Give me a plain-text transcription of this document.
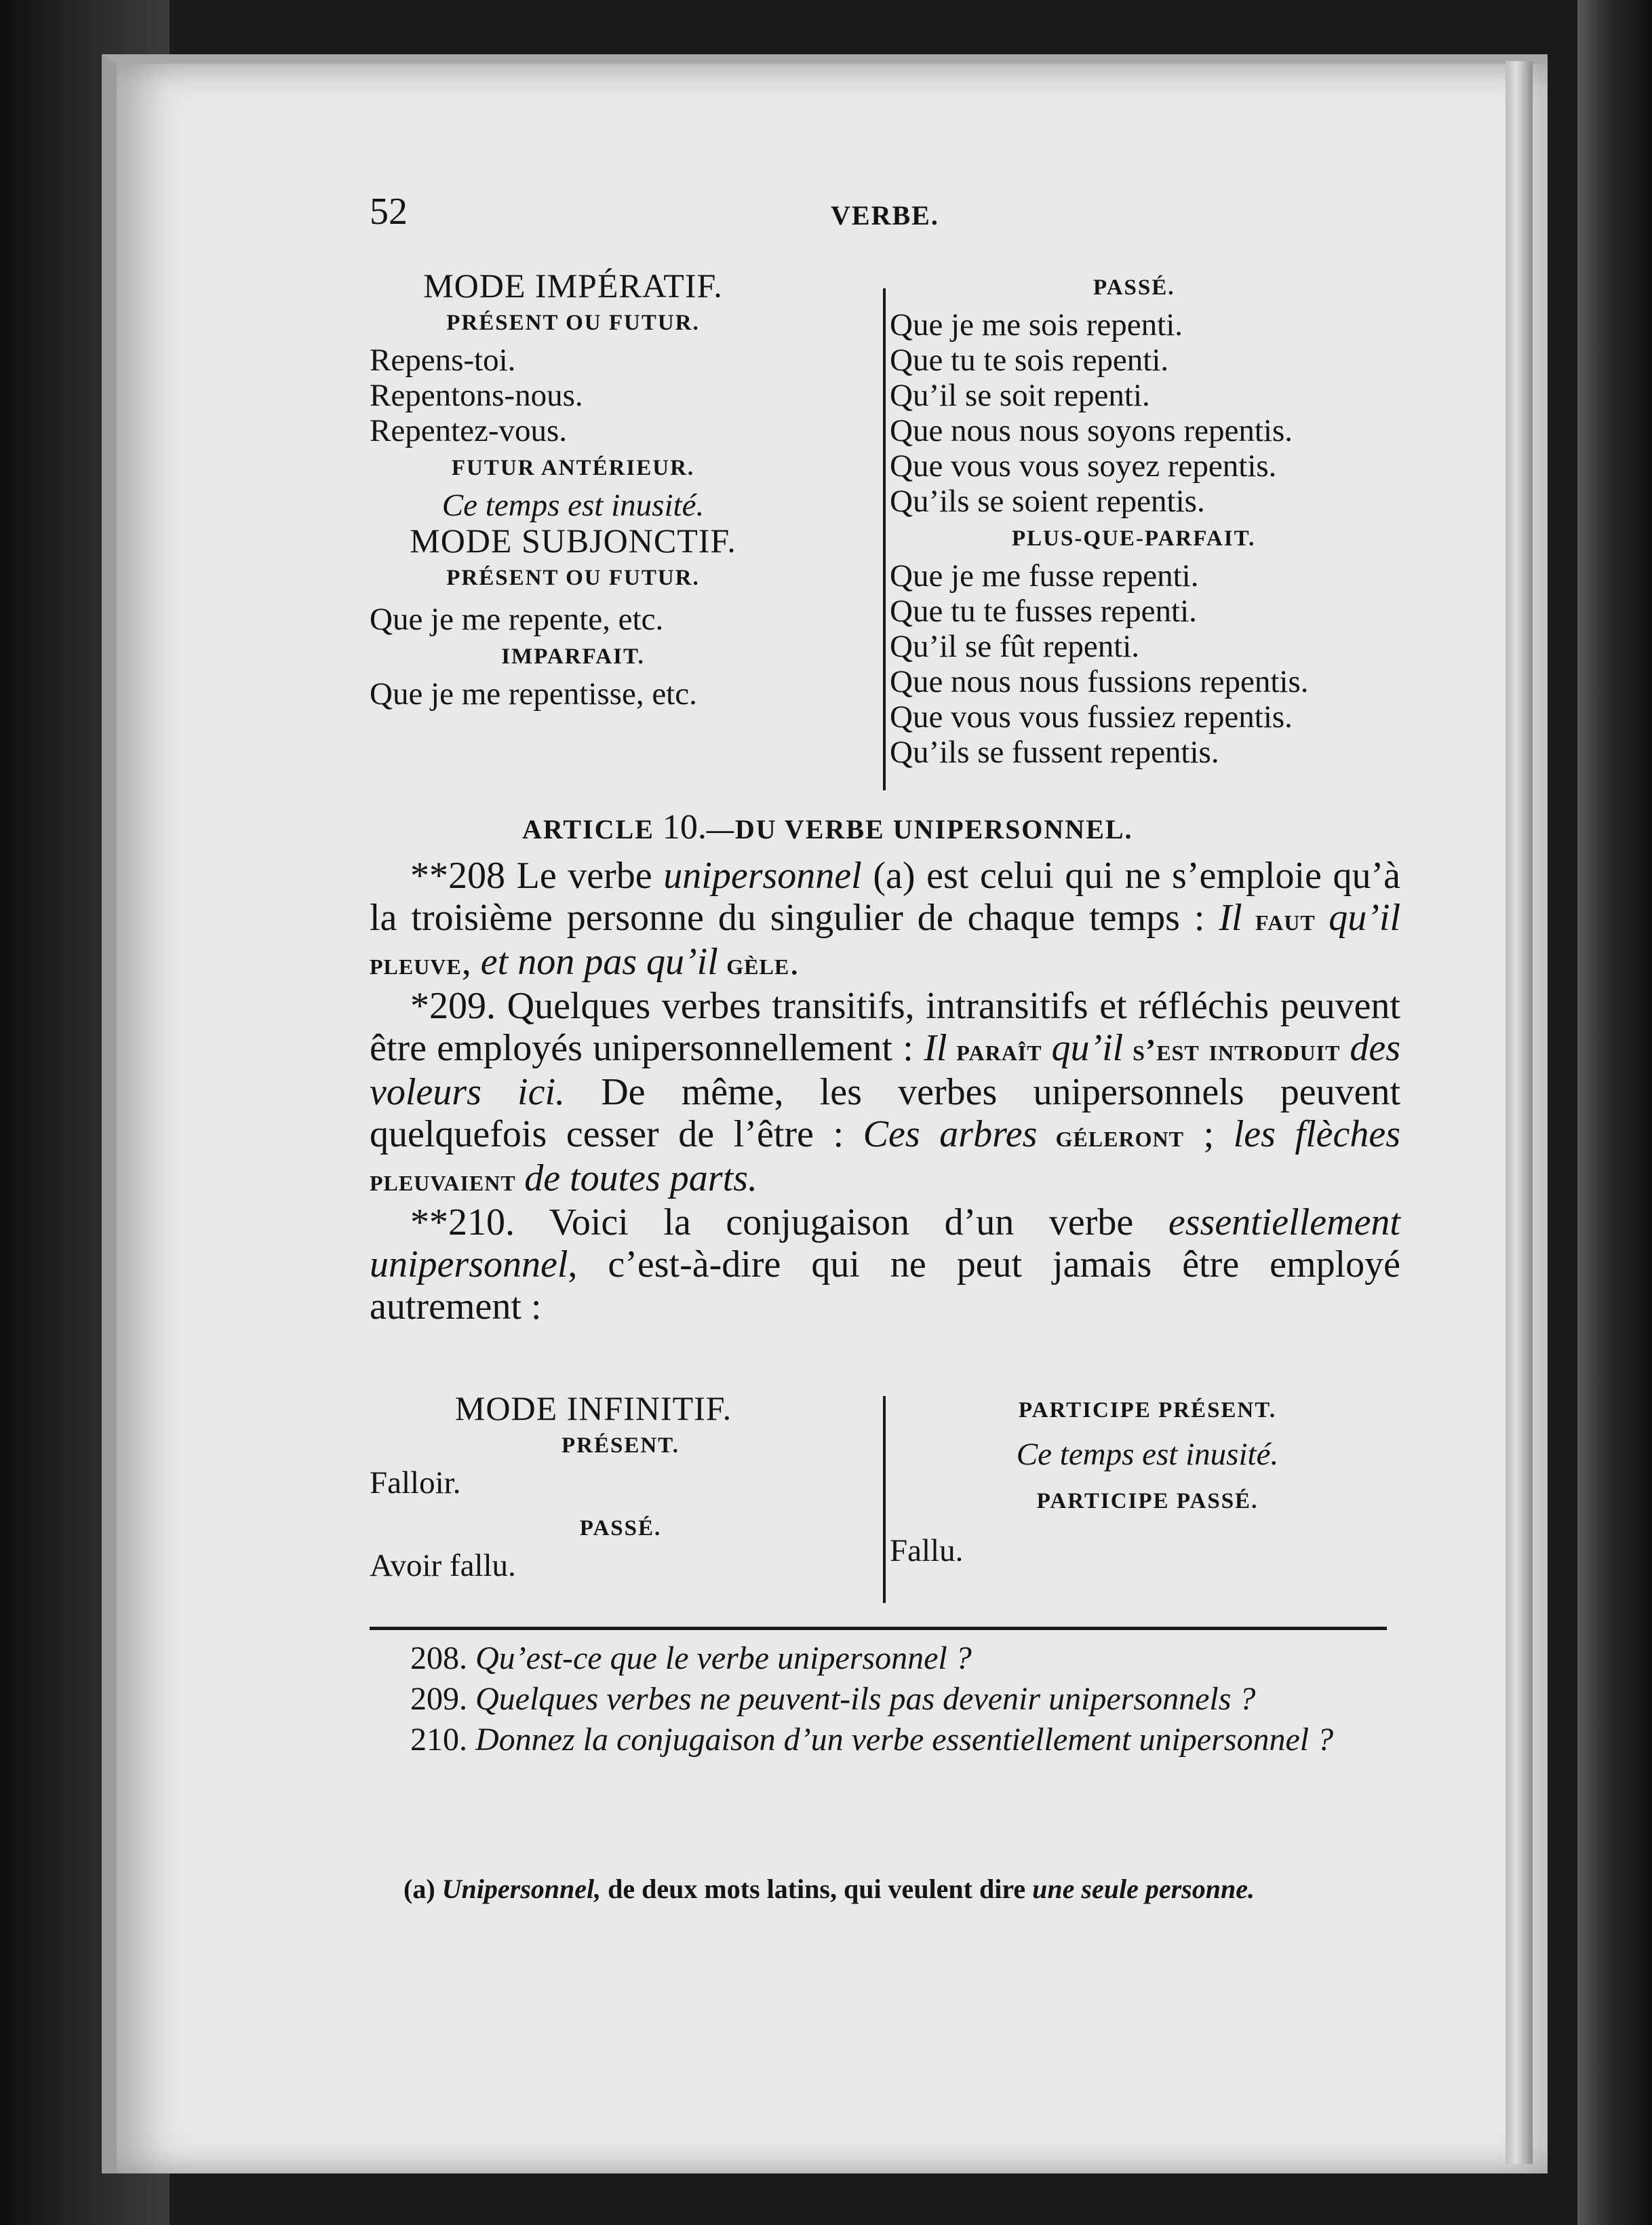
52	VERBE.
MODE IMPÉRATIF.
PRÉSENT OU FUTUR.
Repens-toi.
Repentons-nous.
Repentez-vous.
FUTUR ANTÉRIEUR.
Ce temps est inusité.
MODE SUBJONCTIF.
PRÉSENT OU FUTUR.
Que je me repente, etc.
IMPARFAIT.
Que je me repentisse, etc.
PASSÉ.
Que je me sois repenti.
Que tu te sois repenti.
Qu’il se soit repenti.
Que nous nous soyons repentis.
Que vous vous soyez repentis.
Qu’ils se soient repentis.
PLUS-QUE-PARFAIT.
Que je me fusse repenti.
Que tu te fusses repenti.
Qu’il se fût repenti.
Que nous nous fussions repentis.
Que vous vous fussiez repentis.
Qu’ils se fussent repentis.
ARTICLE 10.—DU VERBE UNIPERSONNEL.

**208 Le verbe unipersonnel (a) est celui qui ne s’emploie qu’à la troisième personne du singulier de chaque temps : Il faut qu’il pleuve, et non pas qu’il gèle.

*209. Quelques verbes transitifs, intransitifs et réfléchis peuvent être employés unipersonnellement : Il paraît qu’il s’est introduit des voleurs ici. De même, les verbes unipersonnels peuvent quelquefois cesser de l’être : Ces arbres géleront ; les flèches pleuvaient de toutes parts.

**210. Voici la conjugaison d’un verbe essentiellement unipersonnel, c’est-à-dire qui ne peut jamais être employé autrement :

MODE INFINITIF.
PRÉSENT.
Falloir.
PASSÉ.
Avoir fallu.
PARTICIPE PRÉSENT.
Ce temps est inusité.
PARTICIPE PASSÉ.
Fallu.

208. Qu’est-ce que le verbe unipersonnel ?

209. Quelques verbes ne peuvent-ils pas devenir unipersonnels ?

210. Donnez la conjugaison d’un verbe essentiellement unipersonnel ?

(a) Unipersonnel, de deux mots latins, qui veulent dire une seule personne.
